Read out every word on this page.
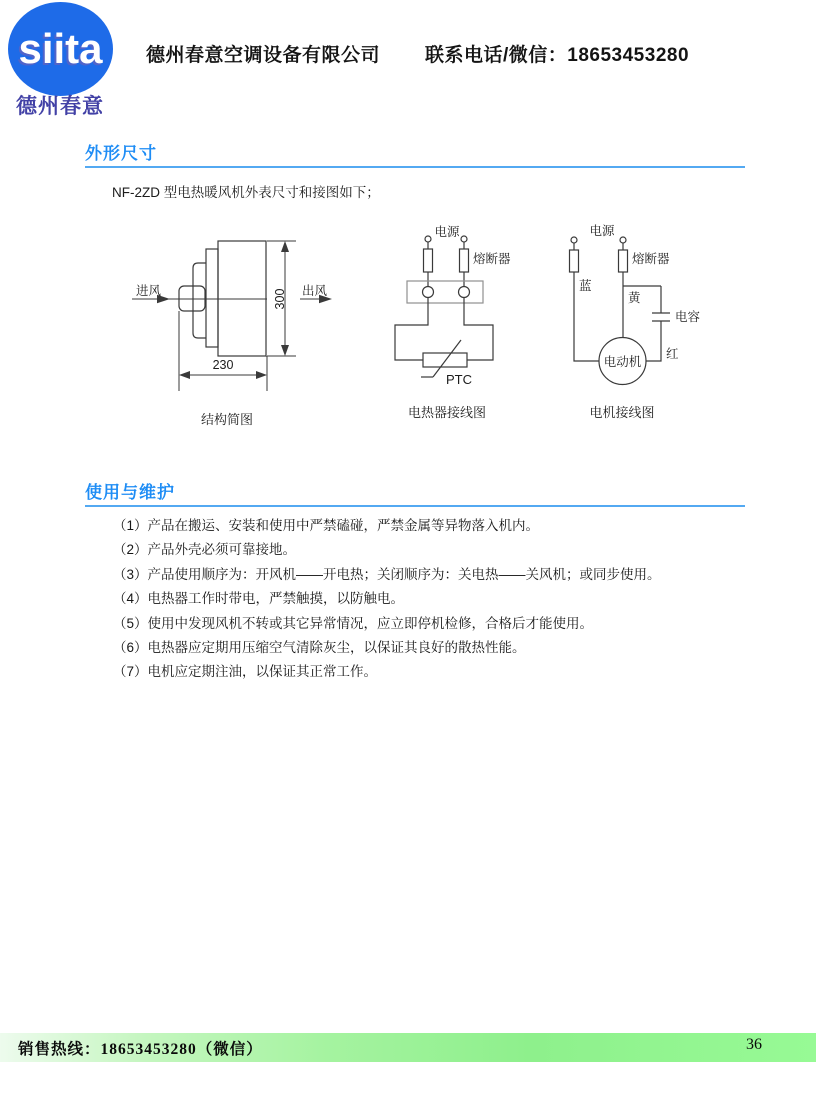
siita
德州春意
德州春意空调设备有限公司 联系电话/微信：18653453280
外形尺寸
NF-2ZD 型电热暖风机外表尺寸和接图如下；
进风	出风
300
230
结构简图
电源
熔断器
PTC
电热器接线图
电源
熔断器
蓝
黄
电容
红
电动机
电机接线图
使用与维护
（1）产品在搬运、安装和使用中严禁磕碰，严禁金属等异物落入机内。
（2）产品外壳必须可靠接地。
（3）产品使用顺序为：开风机——开电热；关闭顺序为：关电热——关风机；或同步使用。
（4）电热器工作时带电，严禁触摸，以防触电。
（5）使用中发现风机不转或其它异常情况，应立即停机检修，合格后才能使用。
（6）电热器应定期用压缩空气清除灰尘，以保证其良好的散热性能。
（7）电机应定期注油，以保证其正常工作。
销售热线：18653453280（微信）	36
